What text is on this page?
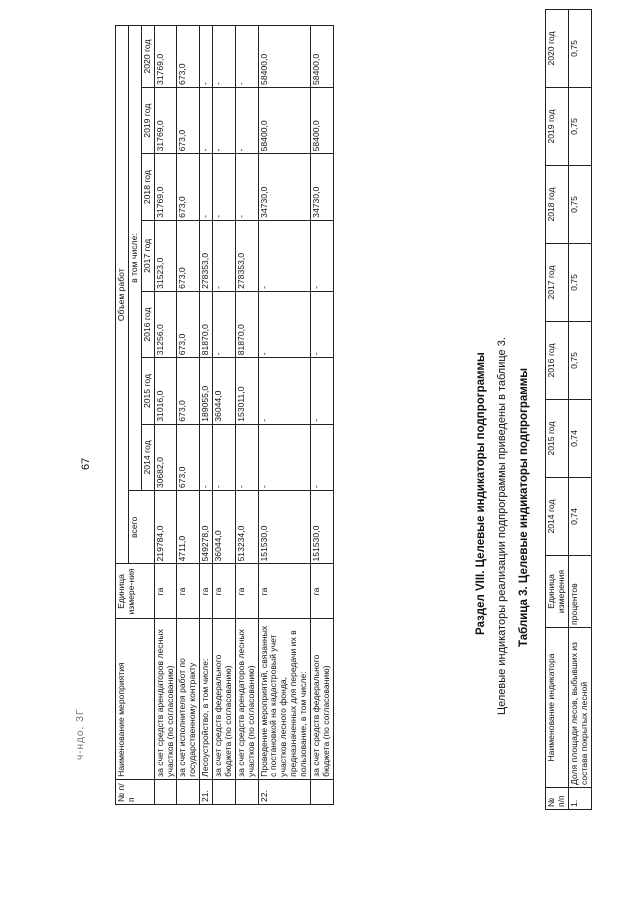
67
ч-ндо, ЗГ
№ п/п	Наименование мероприятия	Единица измере-ния	Объем работ							
			всего	в том числе:						
				2014 год	2015 год	2016 год	2017 год	2018 год	2019 год	2020 год
	за счет средств арендаторов лесных участков (по согласованию)	га	219784,0	30682,0	31016,0	31256,0	31523,0	31769,0	31769,0	31769,0
	за счет исполнителя работ по государственному контракту	га	4711,0	673,0	673,0	673,0	673,0	673,0	673,0	673,0
21.	Лесоустройство, в том числе:	га	549278,0	-	189055,0	81870,0	278353,0	-	-	-
	за счет средств федерального бюджета (по согласованию)	га	36044,0	-	36044,0	-	-	-	-	-
	за счет средств арендаторов лесных участков (по согласованию)	га	513234,0	-	153011,0	81870,0	278353,0	-	-	-
22.	Проведение мероприятий, связанных с постановкой на кадастровый учет участков лесного фонда, предназначенных для передачи их в пользование, в том числе:	га	151530,0	-	-	-	-	34730,0	58400,0	58400,0
	за счет средств федерального бюджета (по согласованию)	га	151530,0	-	-	-	-	34730,0	58400,0	58400,0
Раздел VIII. Целевые индикаторы подпрограммы Целевые индикаторы реализации подпрограммы приведены в таблице 3. Таблица 3. Целевые индикаторы подпрограммы
№ п/п	Наименование индикатора	Единица измерения	2014 год	2015 год	2016 год	2017 год	2018 год	2019 год	2020 год
1.	Доля площади лесов, выбывших из состава покрытых лесной	процентов	0,74	0,74	0,75	0,75	0,75	0,75	0,75
